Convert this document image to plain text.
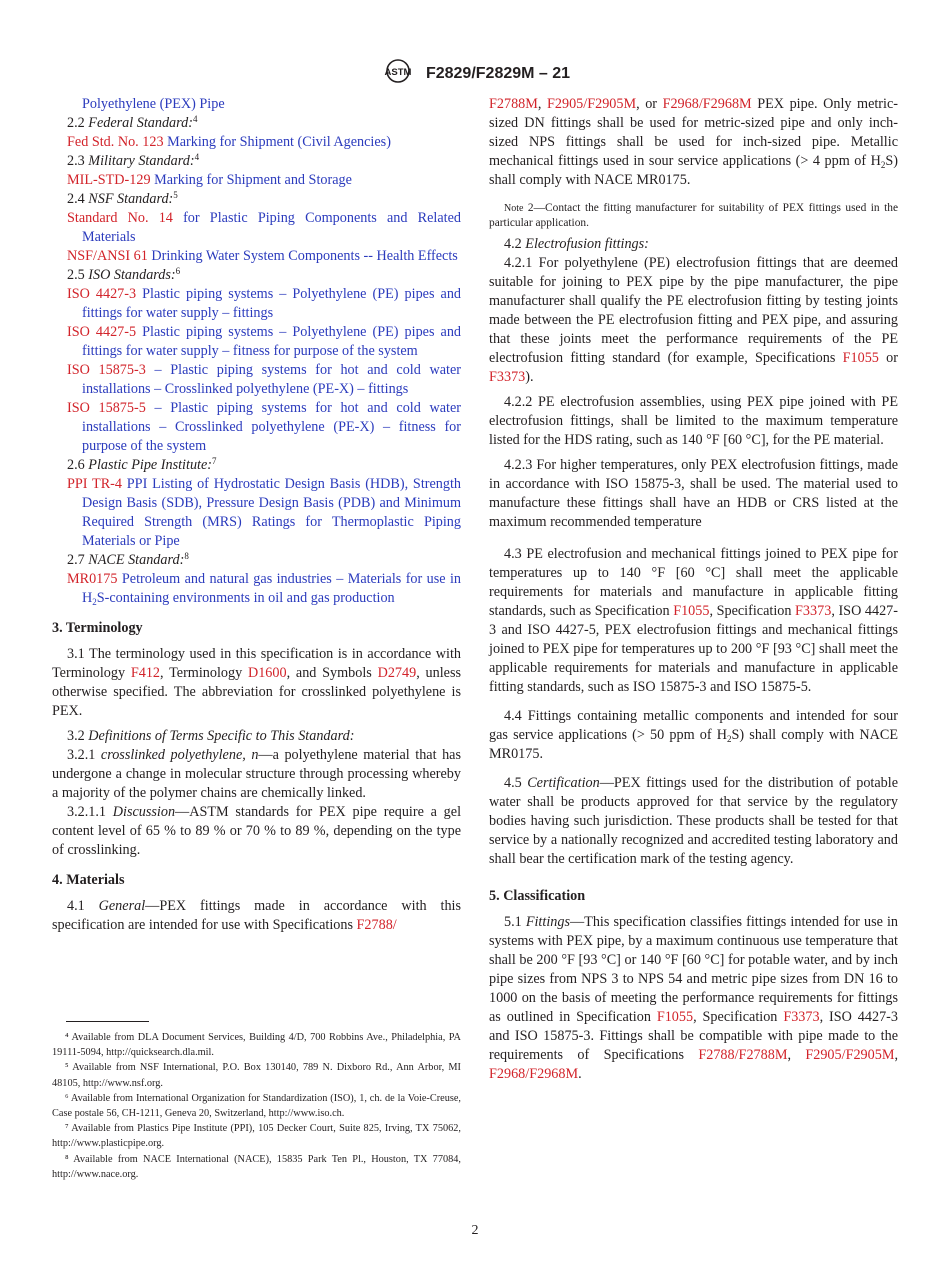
ASTM F2829/F2829M – 21

Polyethylene (PEX) Pipe

2.2 Federal Standard:$^4$

Fed Std. No. 123 Marking for Shipment (Civil Agencies)

2.3 Military Standard:$^4$

MIL-STD-129 Marking for Shipment and Storage

2.4 NSF Standard:$^5$

Standard No. 14 for Plastic Piping Components and Related Materials

NSF/ANSI 61 Drinking Water System Components -- Health Effects

2.5 ISO Standards:$^6$

ISO 4427-3 Plastic piping systems – Polyethylene (PE) pipes and fittings for water supply – fittings

ISO 4427-5 Plastic piping systems – Polyethylene (PE) pipes and fittings for water supply – fitness for purpose of the system

ISO 15875-3 – Plastic piping systems for hot and cold water installations – Crosslinked polyethylene (PE-X) – fittings

ISO 15875-5 – Plastic piping systems for hot and cold water installations – Crosslinked polyethylene (PE-X) – fitness for purpose of the system

2.6 Plastic Pipe Institute:$^7$

PPI TR-4 PPI Listing of Hydrostatic Design Basis (HDB), Strength Design Basis (SDB), Pressure Design Basis (PDB) and Minimum Required Strength (MRS) Ratings for Thermoplastic Piping Materials or Pipe

2.7 NACE Standard:$^8$

MR0175 Petroleum and natural gas industries – Materials for use in $H_2S$-containing environments in oil and gas production

3. Terminology

3.1 The terminology used in this specification is in accordance with Terminology F412, Terminology D1600, and Symbols D2749, unless otherwise specified. The abbreviation for crosslinked polyethylene is PEX.

3.2 Definitions of Terms Specific to This Standard:

3.2.1 crosslinked polyethylene, n—a polyethylene material that has undergone a change in molecular structure through processing whereby a majority of the polymer chains are chemically linked.

3.2.1.1 Discussion—ASTM standards for PEX pipe require a gel content level of 65 % to 89 % or 70 % to 89 %, depending on the type of crosslinking.

4. Materials

4.1 General—PEX fittings made in accordance with this specification are intended for use with Specifications F2788/

F2788M, F2905/F2905M, or F2968/F2968M PEX pipe. Only metric-sized DN fittings shall be used for metric-sized pipe and only inch-sized NPS fittings shall be used for inch-sized pipe. Metallic mechanical fittings used in sour service applications (> 4 ppm of $H_2S$) shall comply with NACE MR0175.

Note 2—Contact the fitting manufacturer for suitability of PEX fittings used in the particular application.

4.2 Electrofusion fittings:

4.2.1 For polyethylene (PE) electrofusion fittings that are deemed suitable for joining to PEX pipe by the pipe manufacturer, the pipe manufacturer shall qualify the PE electrofusion fitting by testing joints made between the PE electrofusion fitting and PEX pipe, and assuring that these joints meet the performance requirements of the PE electrofusion fitting standard (for example, Specifications F1055 or F3373).

4.2.2 PE electrofusion assemblies, using PEX pipe joined with PE electrofusion fittings, shall be limited to the maximum temperature listed for the HDS rating, such as 140 °F [60 °C], for the PE material.

4.2.3 For higher temperatures, only PEX electrofusion fittings, made in accordance with ISO 15875-3, shall be used. The material used to manufacture these fittings shall have an HDB or CRS listed at the maximum recommended temperature

4.3 PE electrofusion and mechanical fittings joined to PEX pipe for temperatures up to 140 °F [60 °C] shall meet the applicable requirements for materials and manufacture in applicable fitting standards, such as Specification F1055, Specification F3373, ISO 4427-3 and ISO 4427-5, PEX electrofusion fittings and mechanical fittings joined to PEX pipe for temperatures up to 200 °F [93 °C] shall meet the applicable requirements for materials and manufacture in applicable fitting standards, such as ISO 15875-3 and ISO 15875-5.

4.4 Fittings containing metallic components and intended for sour gas service applications (> 50 ppm of $H_2S$) shall comply with NACE MR0175.

4.5 Certification—PEX fittings used for the distribution of potable water shall be products approved for that service by the regulatory bodies having such jurisdiction. These products shall be tested for that service by a nationally recognized and accredited testing laboratory and shall bear the certification mark of the testing agency.

5. Classification

5.1 Fittings—This specification classifies fittings intended for use in systems with PEX pipe, by a maximum continuous use temperature that shall be 200 °F [93 °C] or 140 °F [60 °C] for potable water, and by inch pipe sizes from NPS 3 to NPS 54 and metric pipe sizes from DN 16 to 1000 on the basis of meeting the performance requirements for fittings as outlined in Specification F1055, Specification F3373, ISO 4427-3 and ISO 15875-3. Fittings shall be compatible with pipe made to the requirements of Specifications F2788/F2788M, F2905/F2905M, F2968/F2968M.

⁴ Available from DLA Document Services, Building 4/D, 700 Robbins Ave., Philadelphia, PA 19111-5094, http://quicksearch.dla.mil.

⁵ Available from NSF International, P.O. Box 130140, 789 N. Dixboro Rd., Ann Arbor, MI 48105, http://www.nsf.org.

⁶ Available from International Organization for Standardization (ISO), 1, ch. de la Voie-Creuse, Case postale 56, CH-1211, Geneva 20, Switzerland, http://www.iso.ch.

⁷ Available from Plastics Pipe Institute (PPI), 105 Decker Court, Suite 825, Irving, TX 75062, http://www.plasticpipe.org.

⁸ Available from NACE International (NACE), 15835 Park Ten Pl., Houston, TX 77084, http://www.nace.org.

2
